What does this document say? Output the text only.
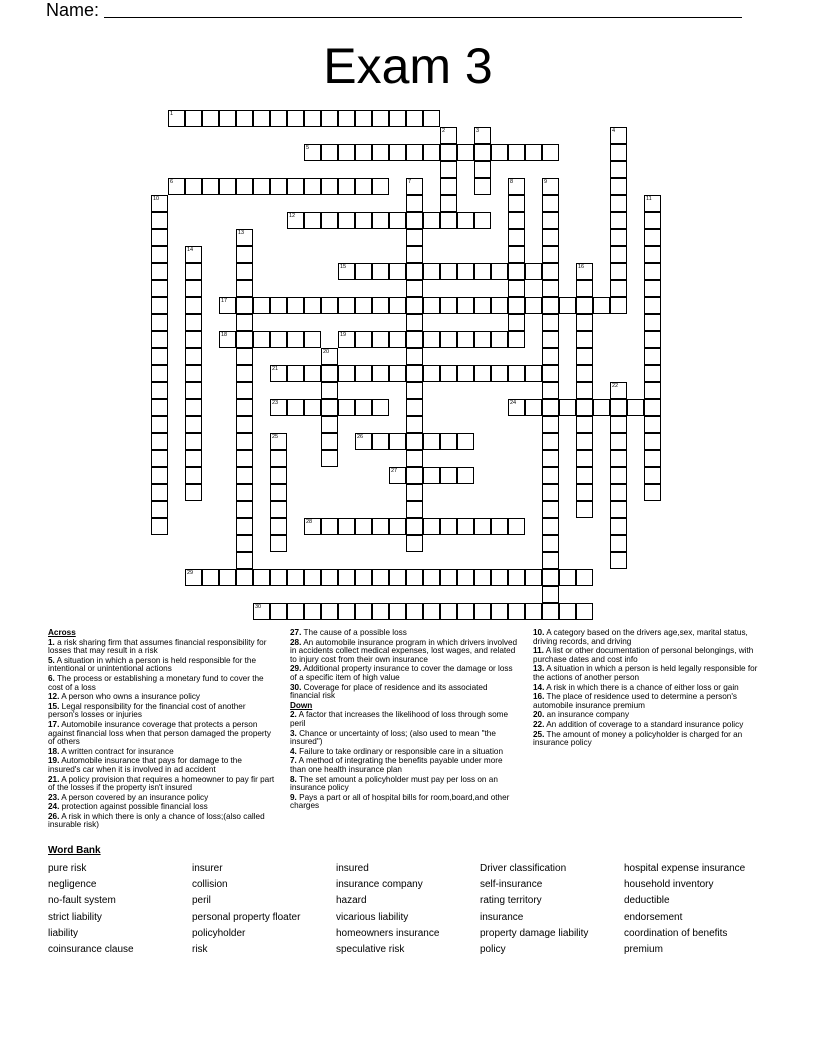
Name:
Exam 3
1
2	3	4
5
6	7	8	9
10	11
12
13
14
15	16
17
18	19
20
21
22
23	24
25	26
27
28
29
30
Across
1. a risk sharing firm that assumes financial responsibility for losses that may result in a risk
5. A situation in which a person is held responsible for the intentional or unintentional actions
6. The process or establishing a monetary fund to cover the cost of a loss
12. A person who owns a insurance policy
15. Legal responsibility for the financial cost of another person's losses or injuries
17. Automobile insurance coverage that protects a person against financial loss when that person damaged the property of others
18. A written contract for insurance
19. Automobile insurance that pays for damage to the insured's car when it is involved in ad accident
21. A policy provision that requires a homeowner to pay fir part of the losses if the property isn't insured
23. A person covered by an insurance policy
24. protection against possible financial loss
26. A risk in which there is only a chance of loss;(also called insurable risk)
27. The cause of a possible loss
28. An automobile insurance program in which drivers involved in accidents collect medical expenses, lost wages, and related to injury cost from their own insurance
29. Additional property insurance to cover the damage or loss of a specific item of high value
30. Coverage for place of residence and its associated financial risk
Down
2. A factor that increases the likelihood of loss through some peril
3. Chance or uncertainty of loss; (also used to mean "the insured")
4. Failure to take ordinary or responsible care in a situation
7. A method of integrating the benefits payable under more than one health insurance plan
8. The set amount a policyholder must pay per loss on an insurance policy
9. Pays a part or all of hospital bills for room,board,and other charges
10. A category based on the drivers age,sex, marital status, driving records, and driving
11. A list or other documentation of personal belongings, with purchase dates and cost info
13. A situation in which a person is held legally responsible for the actions of another person
14. A risk in which there is a chance of either loss or gain
16. The place of residence used to determine a person's automobile insurance premium
20. an insurance company
22. An addition of coverage to a standard insurance policy
25. The amount of money a policyholder is charged for an insurance policy
Word Bank
pure risk
negligence
no-fault system
strict liability
liability
coinsurance clause
insurer
collision
peril
personal property floater
policyholder
risk
insured
insurance company
hazard
vicarious liability
homeowners insurance
speculative risk
Driver classification
self-insurance
rating territory
insurance
property damage liability
policy
hospital expense insurance
household inventory
deductible
endorsement
coordination of benefits
premium
